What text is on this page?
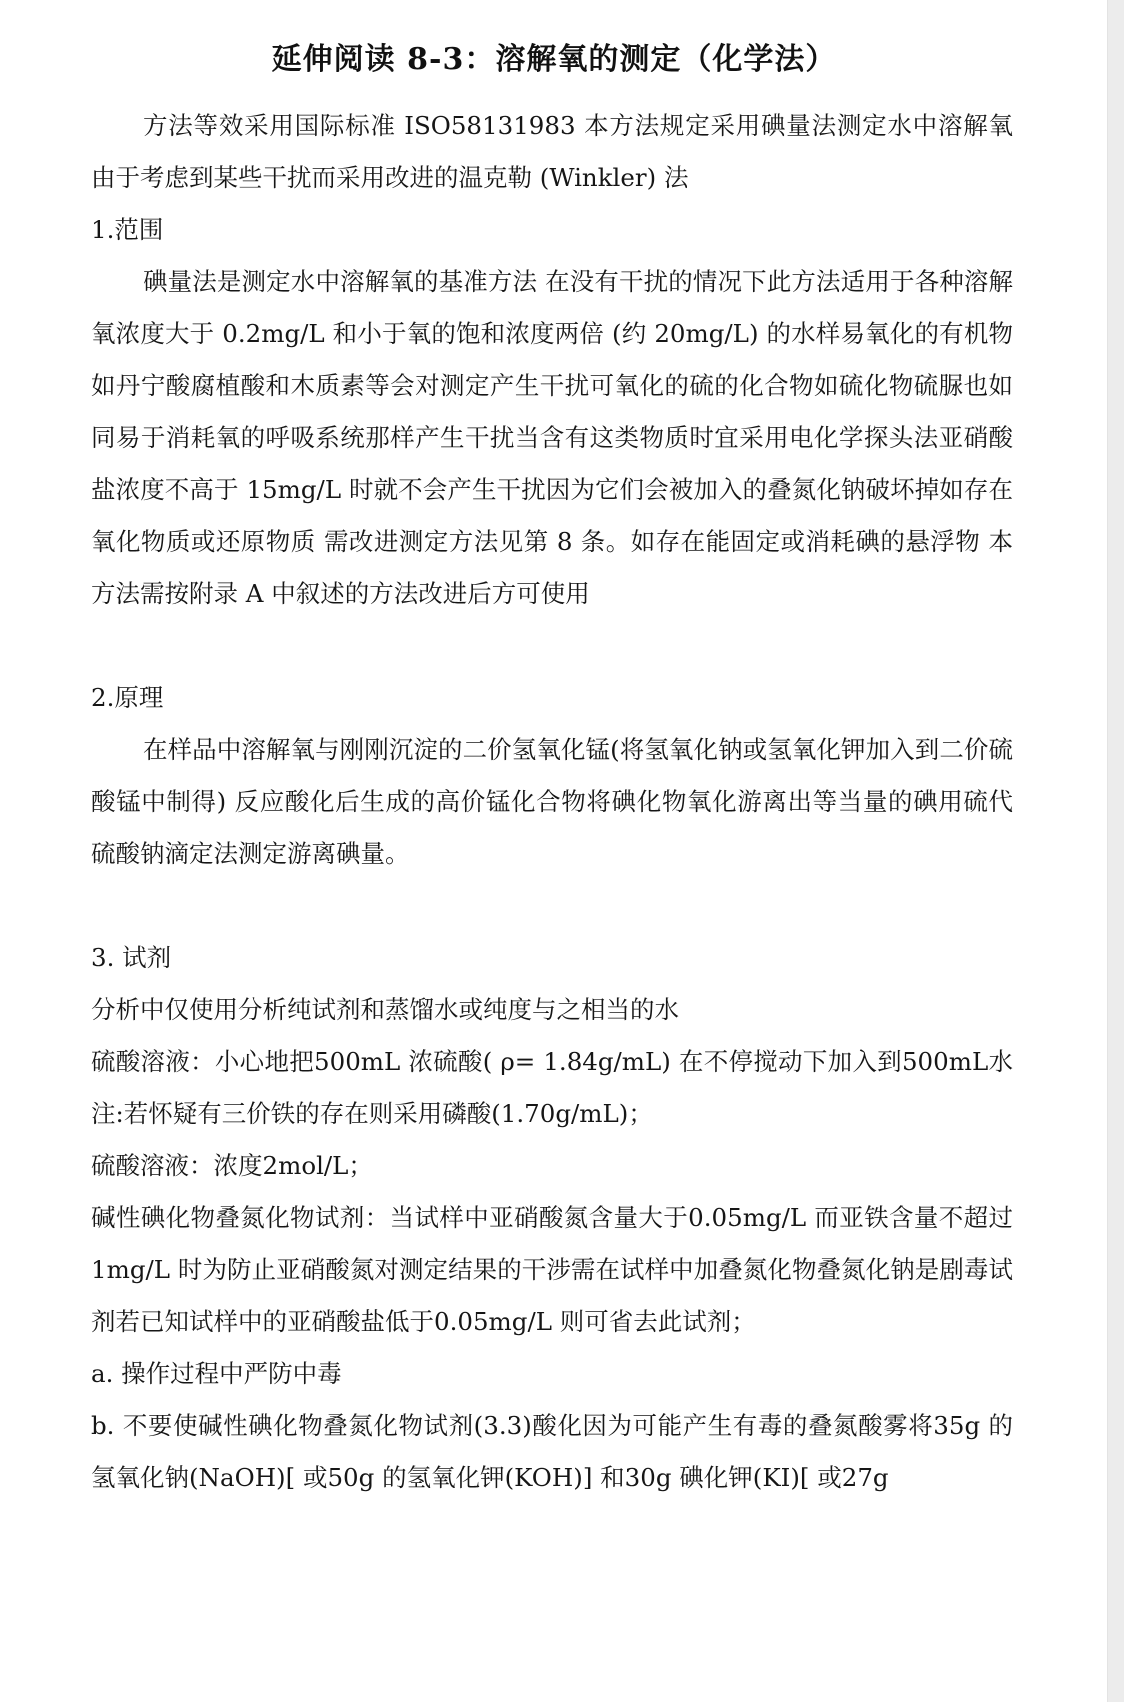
延伸阅读 8-3：溶解氧的测定（化学法）

方法等效采用国际标准 ISO58131983 本方法规定采用碘量法测定水中溶解氧由于考虑到某些干扰而采用改进的温克勒 (Winkler) 法

1.范围

碘量法是测定水中溶解氧的基准方法 在没有干扰的情况下此方法适用于各种溶解氧浓度大于 0.2mg/L 和小于氧的饱和浓度两倍 (约 20mg/L) 的水样易氧化的有机物如丹宁酸腐植酸和木质素等会对测定产生干扰可氧化的硫的化合物如硫化物硫脲也如同易于消耗氧的呼吸系统那样产生干扰当含有这类物质时宜采用电化学探头法亚硝酸盐浓度不高于 15mg/L 时就不会产生干扰因为它们会被加入的叠氮化钠破坏掉如存在氧化物质或还原物质 需改进测定方法见第 8 条。如存在能固定或消耗碘的悬浮物 本方法需按附录 A 中叙述的方法改进后方可使用

2.原理

在样品中溶解氧与刚刚沉淀的二价氢氧化锰(将氢氧化钠或氢氧化钾加入到二价硫酸锰中制得) 反应酸化后生成的高价锰化合物将碘化物氧化游离出等当量的碘用硫代硫酸钠滴定法测定游离碘量。

3. 试剂

分析中仅使用分析纯试剂和蒸馏水或纯度与之相当的水

硫酸溶液：小心地把500mL 浓硫酸( ρ= 1.84g/mL) 在不停搅动下加入到500mL水注:若怀疑有三价铁的存在则采用磷酸(1.70g/mL)；

硫酸溶液：浓度2mol/L；

碱性碘化物叠氮化物试剂：当试样中亚硝酸氮含量大于0.05mg/L 而亚铁含量不超过1mg/L 时为防止亚硝酸氮对测定结果的干涉需在试样中加叠氮化物叠氮化钠是剧毒试剂若已知试样中的亚硝酸盐低于0.05mg/L 则可省去此试剂；

a. 操作过程中严防中毒

b. 不要使碱性碘化物叠氮化物试剂(3.3)酸化因为可能产生有毒的叠氮酸雾将35g 的氢氧化钠(NaOH)[ 或50g 的氢氧化钾(KOH)] 和30g 碘化钾(KI)[ 或27g
